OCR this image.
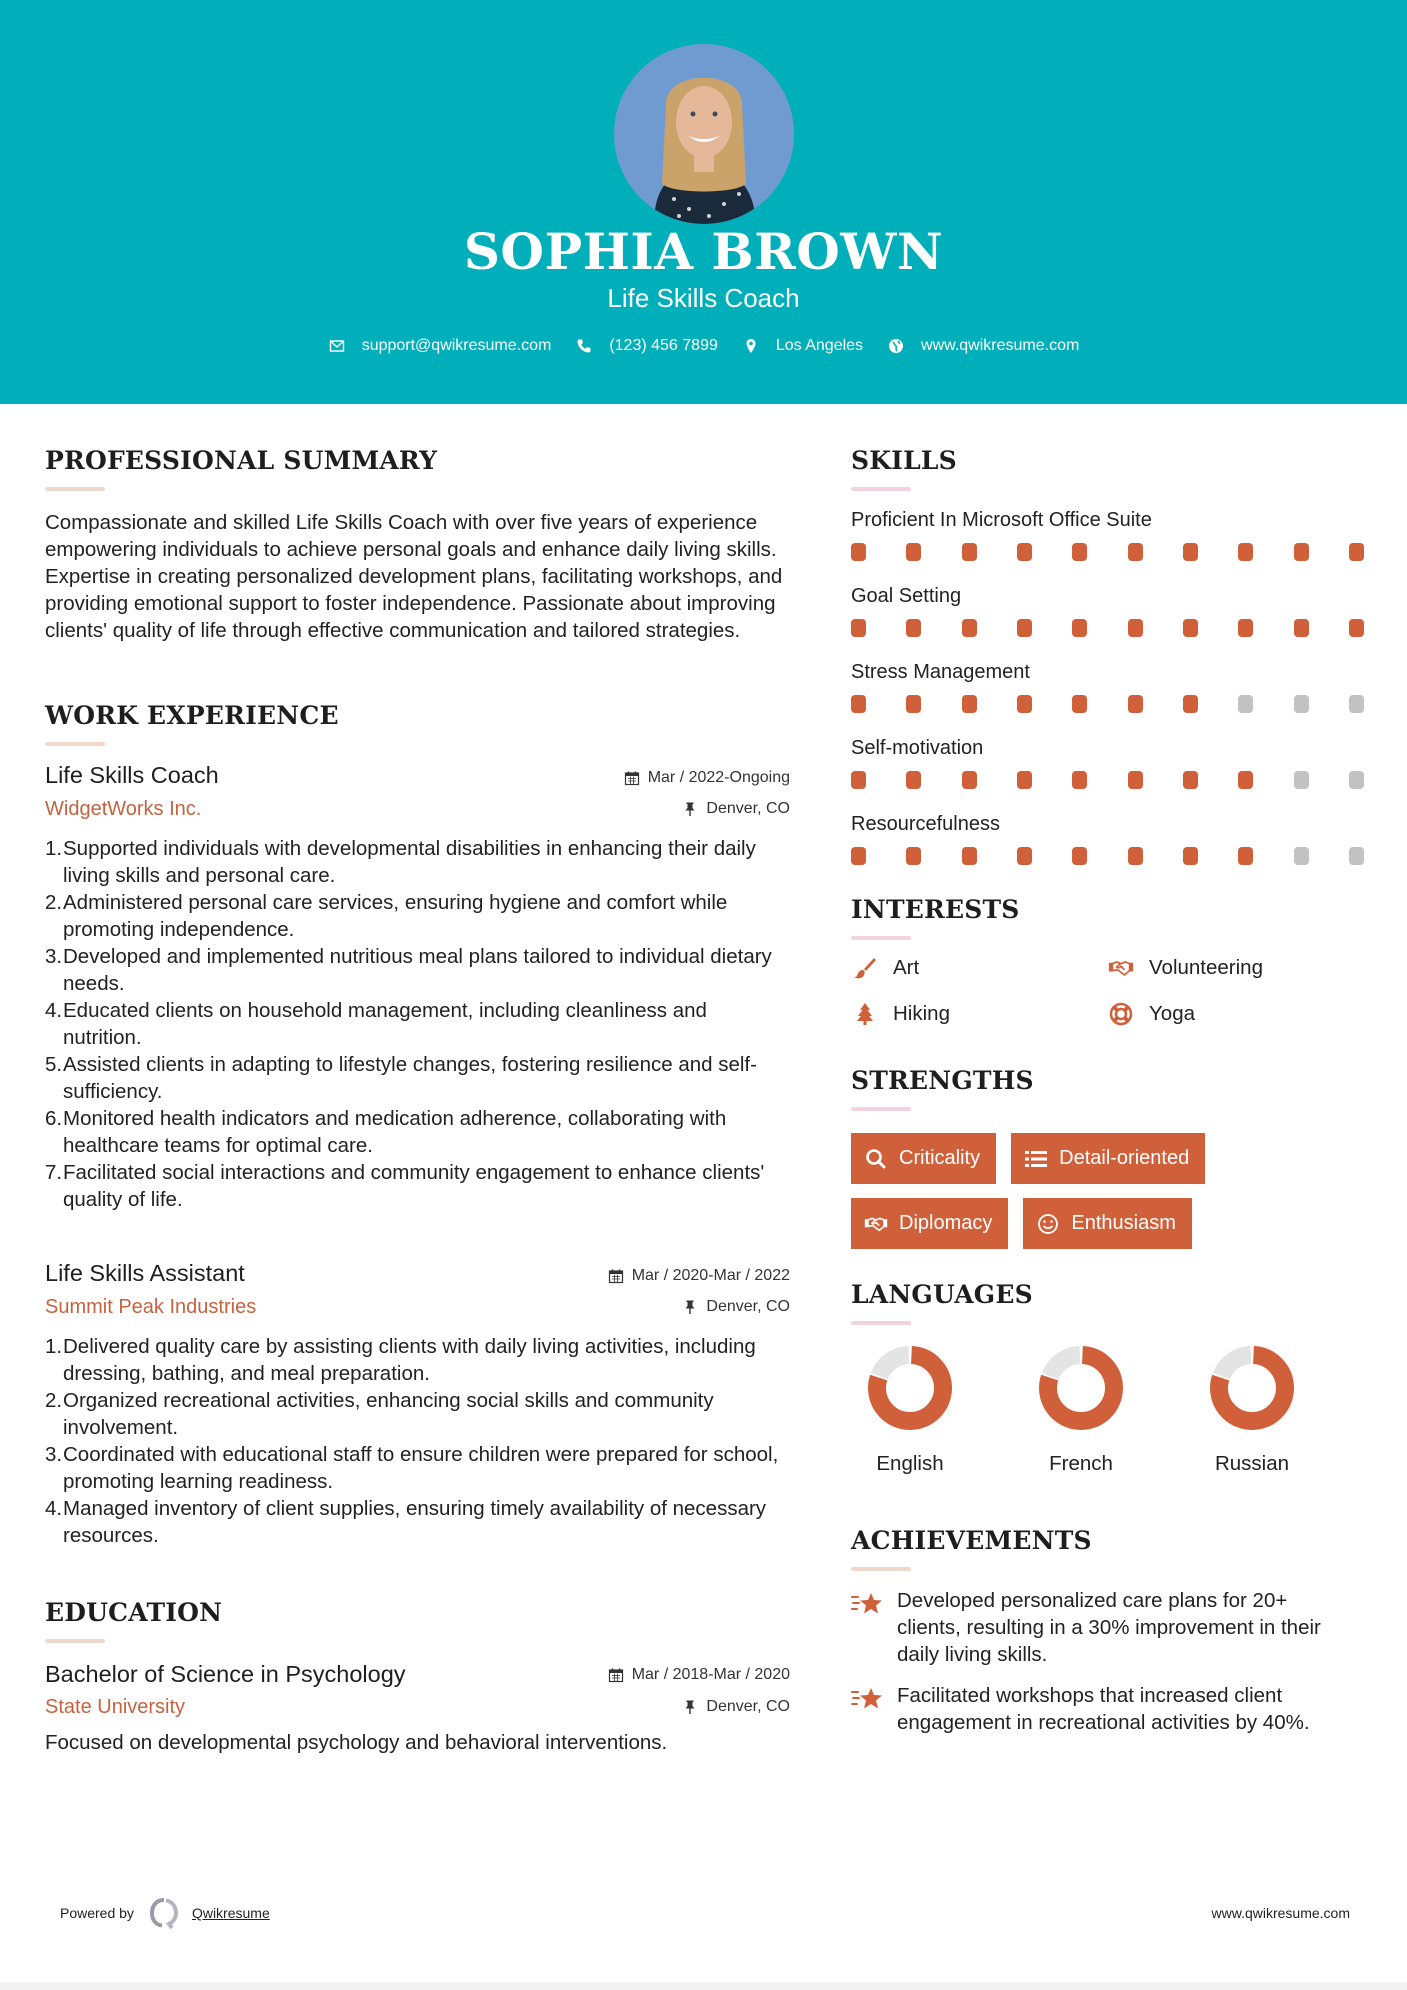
SOPHIA BROWN
Life Skills Coach
support@qwikresume.com	(123) 456 7899	Los Angeles	www.qwikresume.com
PROFESSIONAL SUMMARY
Compassionate and skilled Life Skills Coach with over five years of experience empowering individuals to achieve personal goals and enhance daily living skills. Expertise in creating personalized development plans, facilitating workshops, and providing emotional support to foster independence. Passionate about improving clients' quality of life through effective communication and tailored strategies.
WORK EXPERIENCE
Life Skills Coach	Mar / 2022-Ongoing
WidgetWorks Inc.	Denver, CO
1. Supported individuals with developmental disabilities in enhancing their daily living skills and personal care.
2. Administered personal care services, ensuring hygiene and comfort while promoting independence.
3. Developed and implemented nutritious meal plans tailored to individual dietary needs.
4. Educated clients on household management, including cleanliness and nutrition.
5. Assisted clients in adapting to lifestyle changes, fostering resilience and self-sufficiency.
6. Monitored health indicators and medication adherence, collaborating with healthcare teams for optimal care.
7. Facilitated social interactions and community engagement to enhance clients' quality of life.
Life Skills Assistant	Mar / 2020-Mar / 2022
Summit Peak Industries	Denver, CO
1. Delivered quality care by assisting clients with daily living activities, including dressing, bathing, and meal preparation.
2. Organized recreational activities, enhancing social skills and community involvement.
3. Coordinated with educational staff to ensure children were prepared for school, promoting learning readiness.
4. Managed inventory of client supplies, ensuring timely availability of necessary resources.
EDUCATION
Bachelor of Science in Psychology	Mar / 2018-Mar / 2020
State University	Denver, CO
Focused on developmental psychology and behavioral interventions.
SKILLS
Proficient In Microsoft Office Suite
Goal Setting
Stress Management
Self-motivation
Resourcefulness
INTERESTS
Art	Volunteering
Hiking	Yoga
STRENGTHS
Criticality	Detail-oriented
Diplomacy	Enthusiasm
LANGUAGES
English	French	Russian
ACHIEVEMENTS
Developed personalized care plans for 20+ clients, resulting in a 30% improvement in their daily living skills.
Facilitated workshops that increased client engagement in recreational activities by 40%.
Powered by	Qwikresume	www.qwikresume.com
